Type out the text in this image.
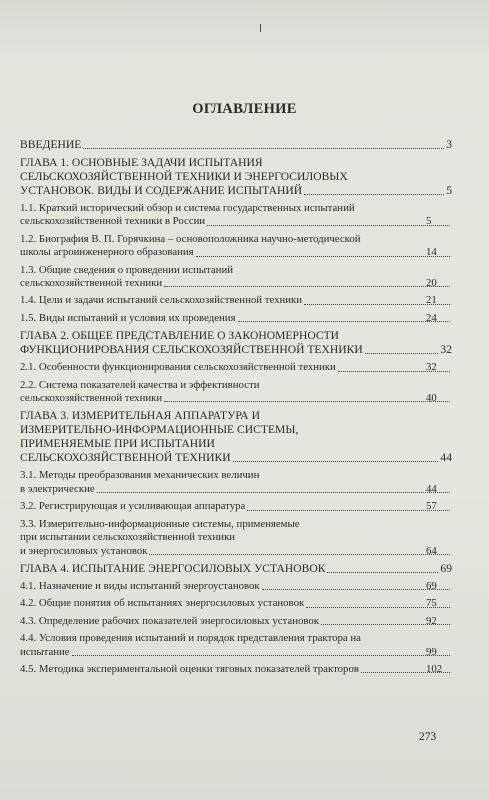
ОГЛАВЛЕНИЕ
ВВЕДЕНИЕ	3
ГЛАВА 1. ОСНОВНЫЕ ЗАДАЧИ ИСПЫТАНИЯ
СЕЛЬСКОХОЗЯЙСТВЕННОЙ ТЕХНИКИ И ЭНЕРГОСИЛОВЫХ
УСТАНОВОК. ВИДЫ И СОДЕРЖАНИЕ ИСПЫТАНИЙ	5
1.1. Краткий исторический обзор и система государственных испытаний
сельскохозяйственной техники в России	5
1.2. Биография В. П. Горячкина – основоположника научно-методической
школы агроинженерного образования	14
1.3. Общие сведения о проведении испытаний
сельскохозяйственной техники	20
1.4. Цели и задачи испытаний сельскохозяйственной техники	21
1.5. Виды испытаний и условия их проведения	24
ГЛАВА 2. ОБЩЕЕ ПРЕДСТАВЛЕНИЕ О ЗАКОНОМЕРНОСТИ
ФУНКЦИОНИРОВАНИЯ СЕЛЬСКОХОЗЯЙСТВЕННОЙ ТЕХНИКИ	32
2.1. Особенности функционирования сельскохозяйственной техники	32
2.2. Система показателей качества и эффективности
сельскохозяйственной техники	40
ГЛАВА 3. ИЗМЕРИТЕЛЬНАЯ АППАРАТУРА И
ИЗМЕРИТЕЛЬНО-ИНФОРМАЦИОННЫЕ СИСТЕМЫ,
ПРИМЕНЯЕМЫЕ ПРИ ИСПЫТАНИИ
СЕЛЬСКОХОЗЯЙСТВЕННОЙ ТЕХНИКИ	44
3.1. Методы преобразования механических величин
в электрические	44
3.2. Регистрирующая и усиливающая аппаратура	57
3.3. Измерительно-информационные системы, применяемые
при испытании сельскохозяйственной техники
и энергосиловых установок	64
ГЛАВА 4. ИСПЫТАНИЕ ЭНЕРГОСИЛОВЫХ УСТАНОВОК	69
4.1. Назначение и виды испытаний энергоустановок	69
4.2. Общие понятия об испытаниях энергосиловых установок	75
4.3. Определение рабочих показателей энергосиловых установок	92
4.4. Условия проведения испытаний и порядок представления трактора на
испытание	99
4.5. Методика экспериментальной оценки тяговых показателей тракторов	102
273
